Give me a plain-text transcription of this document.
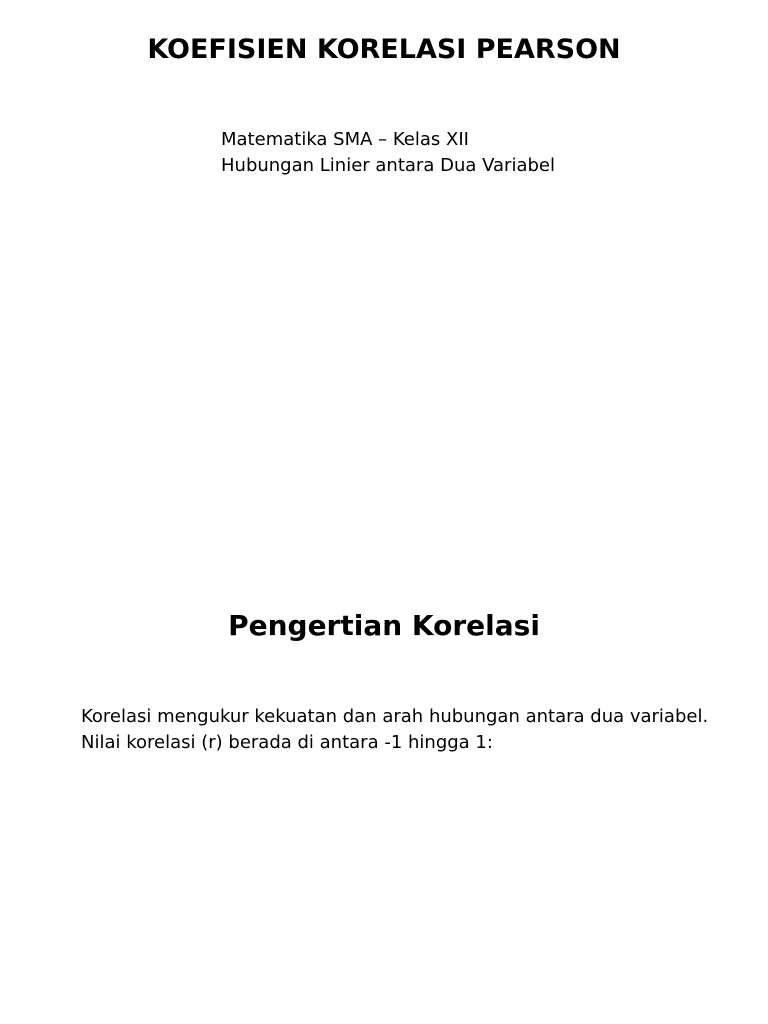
KOEFISIEN KORELASI PEARSON
Matematika SMA – Kelas XII
Hubungan Linier antara Dua Variabel
Pengertian Korelasi
Korelasi mengukur kekuatan dan arah hubungan antara dua variabel.
Nilai korelasi (r) berada di antara -1 hingga 1:
